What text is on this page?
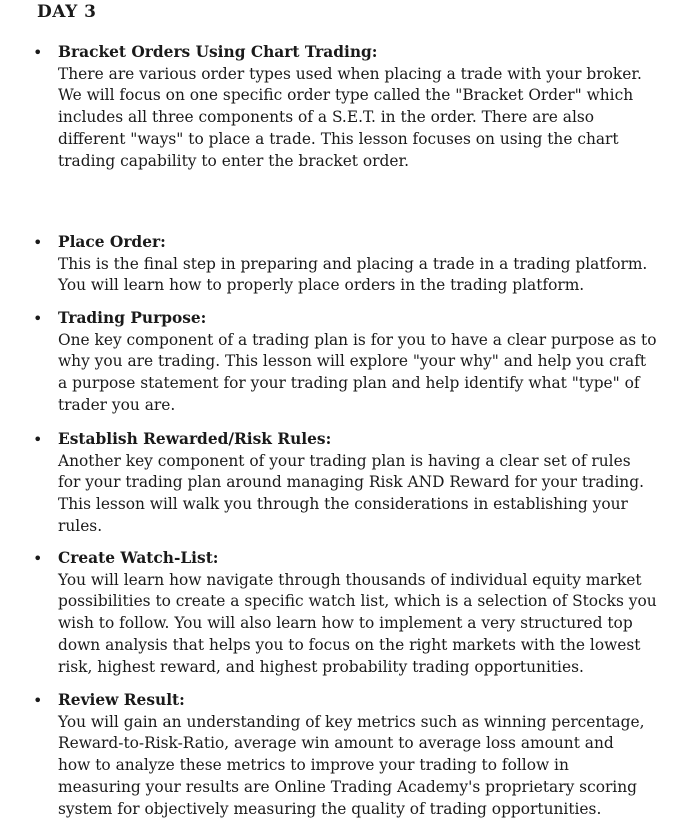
DAY 3
• Bracket Orders Using Chart Trading:
There are various order types used when placing a trade with your broker.
We will focus on one specific order type called the "Bracket Order" which
includes all three components of a S.E.T. in the order. There are also
different "ways" to place a trade. This lesson focuses on using the chart
trading capability to enter the bracket order.
• Place Order:
This is the final step in preparing and placing a trade in a trading platform.
You will learn how to properly place orders in the trading platform.
• Trading Purpose:
One key component of a trading plan is for you to have a clear purpose as to
why you are trading. This lesson will explore "your why" and help you craft
a purpose statement for your trading plan and help identify what "type" of
trader you are.
• Establish Rewarded/Risk Rules:
Another key component of your trading plan is having a clear set of rules
for your trading plan around managing Risk AND Reward for your trading.
This lesson will walk you through the considerations in establishing your
rules.
• Create Watch-List:
You will learn how navigate through thousands of individual equity market
possibilities to create a specific watch list, which is a selection of Stocks you
wish to follow. You will also learn how to implement a very structured top
down analysis that helps you to focus on the right markets with the lowest
risk, highest reward, and highest probability trading opportunities.
• Review Result:
You will gain an understanding of key metrics such as winning percentage,
Reward-to-Risk-Ratio, average win amount to average loss amount and
how to analyze these metrics to improve your trading to follow in
measuring your results are Online Trading Academy's proprietary scoring
system for objectively measuring the quality of trading opportunities.
